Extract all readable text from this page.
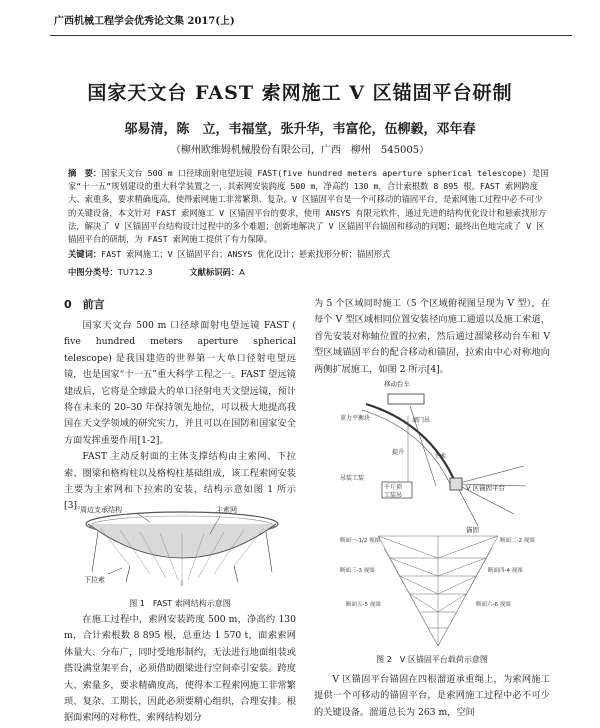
广西机械工程学会优秀论文集 2017(上)
国家天文台 FAST 索网施工 V 区锚固平台研制
邬易清，陈　立，韦福堂，张升华，韦富伦，伍柳毅，邓年春
（柳州欧维姆机械股份有限公司，广西　柳州　545005）
摘　要：国家天文台 500 m 口径球面射电望远镜 FAST(five hundred meters aperture spherical telescope) 是国家“十一五”规划建设的重大科学装置之一，其索网安装跨度 500 m，净高约 130 m，合计索根数 8 895 根。FAST 索网跨度大、索重多，要求精确度高，使得索网施工非常繁琐、复杂。V 区锚固平台是一个可移动的锚固平台，是索网施工过程中必不可少的关键设备，本文针对 FAST 索网施工 V 区锚固平台的要求，使用 ANSYS 有限元软件，通过先进的结构优化设计和悬索找形方法，解决了 V 区锚固平台结构设计过程中的多个难题；创新地解决了 V 区锚固平台锚固和移动的问题；最终出色地完成了 V 区锚固平台的研制，为 FAST 索网施工提供了有力保障。
关键词：FAST 索网施工；V 区锚固平台；ANSYS 优化设计；悬索找形分析；锚固形式
中图分类号：TU712.3	文献标识码：A
0　前言

国家天文台 500 m 口径球面射电望远镜 FAST ( five hundred meters aperture spherical telescope) 是我国建造的世界第一大单口径射电望远镜，也是国家“十一五”重大科学工程之一。FAST 望远镜建成后，它将是全球最大的单口径射电天文望远镜，预计将在未来的 20–30 年保持领先地位，可以极大地提高我国在天文学领域的研究实力，并且可以在国防和国家安全方面发挥重要作用[1-2]。

FAST 主动反射面的主体支撑结构由主索网、下拉索、圈梁和格构柱以及格构柱基础组成，该工程索网安装主要为主索网和下拉索的安装，结构示意如图 1 所示[3]。

周边支承结构	主索网
下拉索
图 1　FAST 索网结构示意图

在施工过程中，索网安装跨度 500 m，净高约 130 m，合计索根数 8 895 根，总重达 1 570 t，面索索网体量大、分布广，同时受地形制约，无法进行地面组装或搭设满堂架平台，必须借助圈梁进行空间牵引安装。跨度大、索量多，要求精确度高，使得本工程索网施工非常繁琐、复杂、工期长，因此必须要精心组织，合理安排。根据面索网的对称性，索网结构划分

为 5 个区域同时施工（5 个区域俯视图呈现为 V 型），在每个 V 型区域相同位置安装径向施工通道以及施工索道，首先安装对称轴位置的拉索，然后通过溜梁移动台车和 V 型区域锚固平台的配合移动和锚固，拉索由中心对称地向两侧扩展施工，如图 2 所示[4]。

移动台车
重力平衡块	溜门吊
提升
主索
千斤顶
工装吊
V 区锚固平台
锚固
吊装工装
断面一-1/2 视图	断面二-2 视图
断面三-3 视图	断面四-4 视图
断面五-5 视图	断面六-6 视图
图 2　V 区锚固平台载荷示意图

V 区锚固平台锚固在四根溜道承重绳上，为索网施工提供一个可移动的锚固平台，是索网施工过程中必不可少的关键设备。溜道总长为 263 m，空间
